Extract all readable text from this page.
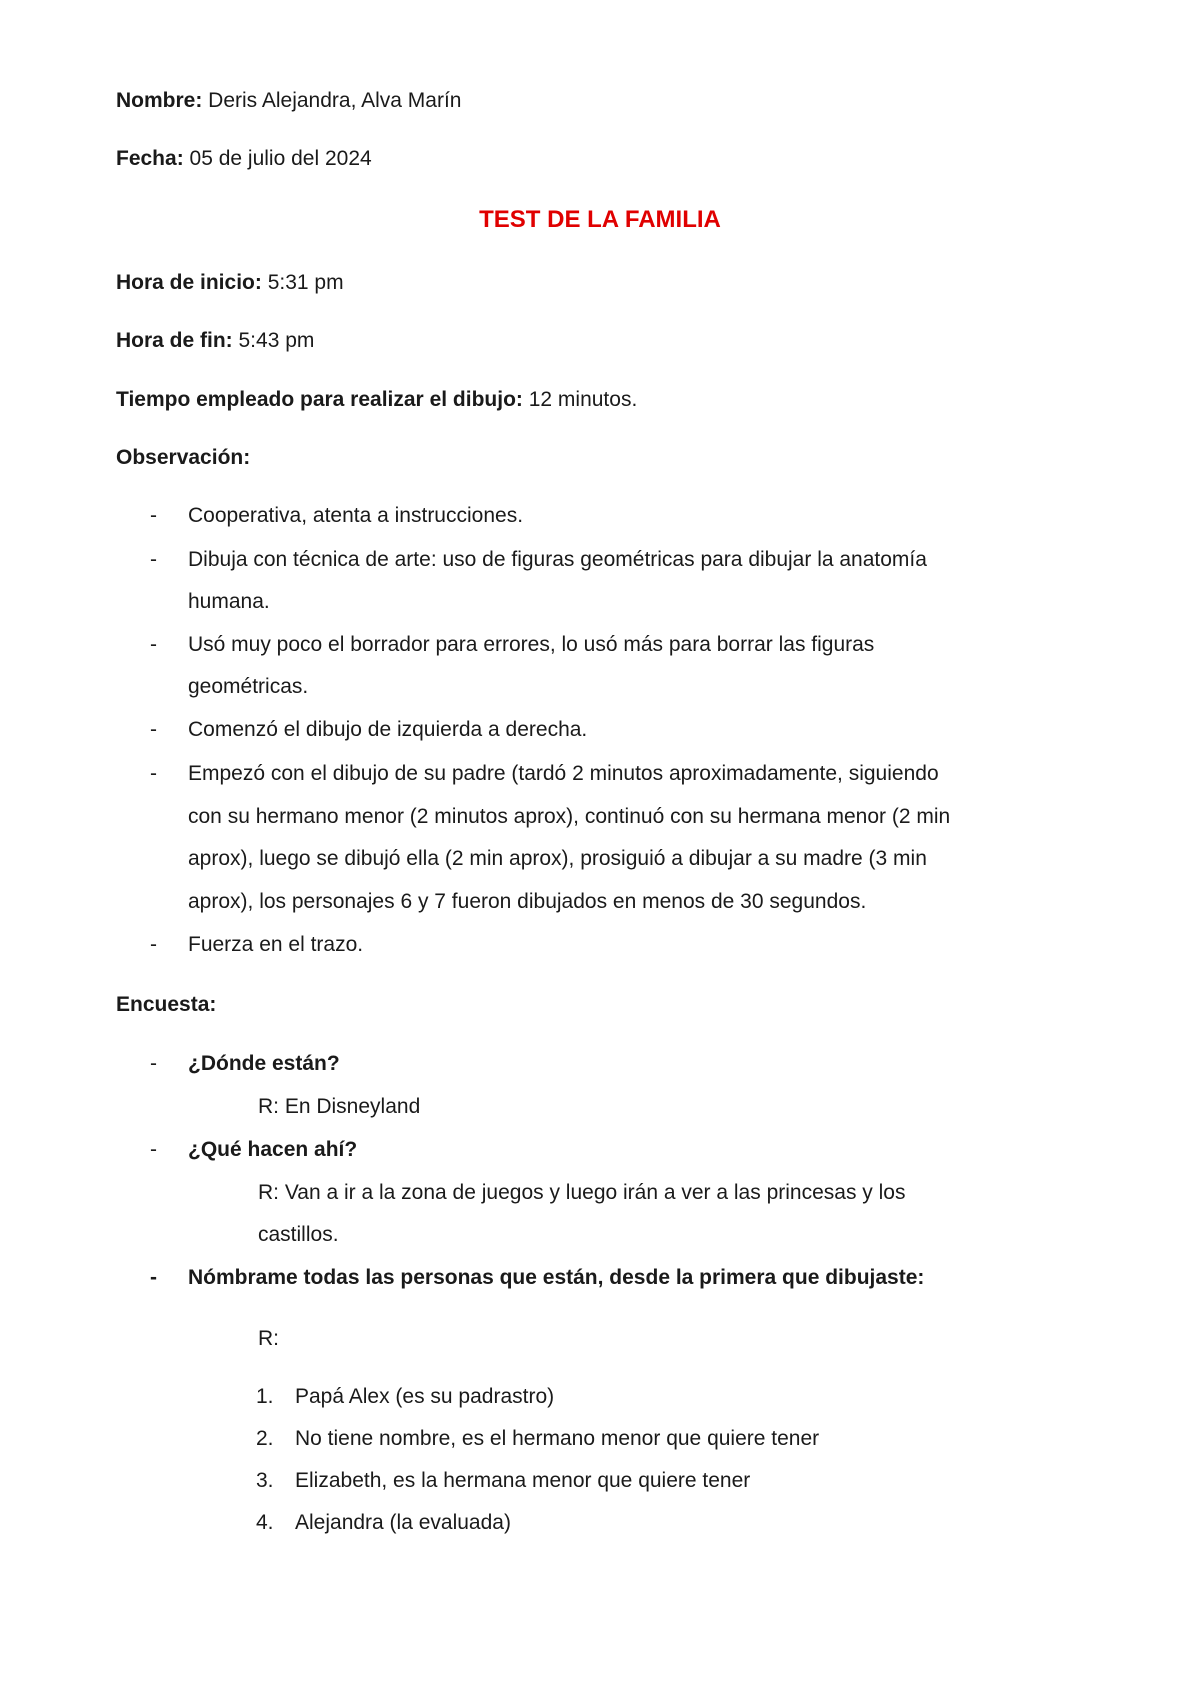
Nombre: Deris Alejandra, Alva Marín
Fecha: 05 de julio del 2024
TEST DE LA FAMILIA
Hora de inicio: 5:31 pm
Hora de fin: 5:43 pm
Tiempo empleado para realizar el dibujo: 12 minutos.
Observación:
-	Cooperativa, atenta a instrucciones.
-	Dibuja con técnica de arte: uso de figuras geométricas para dibujar la anatomía
humana.
-	Usó muy poco el borrador para errores, lo usó más para borrar las figuras
geométricas.
-	Comenzó el dibujo de izquierda a derecha.
-	Empezó con el dibujo de su padre (tardó 2 minutos aproximadamente, siguiendo
con su hermano menor (2 minutos aprox), continuó con su hermana menor (2 min
aprox), luego se dibujó ella (2 min aprox), prosiguió a dibujar a su madre (3 min
aprox), los personajes 6 y 7 fueron dibujados en menos de 30 segundos.
-	Fuerza en el trazo.
Encuesta:
-	¿Dónde están?
R: En Disneyland
-	¿Qué hacen ahí?
R: Van a ir a la zona de juegos y luego irán a ver a las princesas y los
castillos.
-	Nómbrame todas las personas que están, desde la primera que dibujaste:
R:
1.	Papá Alex (es su padrastro)
2.	No tiene nombre, es el hermano menor que quiere tener
3.	Elizabeth, es la hermana menor que quiere tener
4.	Alejandra (la evaluada)
